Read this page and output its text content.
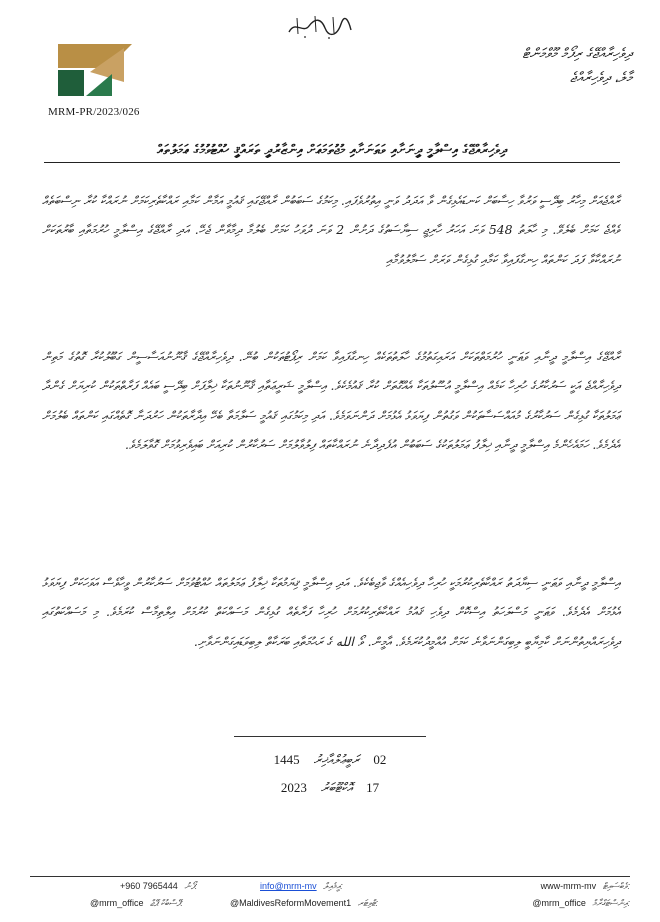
MRM-PR/2023/026
ދިވެހިރާއްޖޭގެ ރިފޯމް މޫވްމަންޓް
މާލެ، ދިވެހިރާއްޖެ
ދިވެހިރާއްޖޭގެ އިސްލާމީ ދީނަށާއި ވަޠަނަށާއި މުޖުތަމަޢަށް އިންޒާރުދީ ތަރައްޤީ ހުއްޓުވުމުގެ ޢަމަލުތައް
ރާއްޖެއަށް މިހާރު ބިދޭސީ ވަރުވާ ހިސާބަށް ކަނޑައެޅިގެން ވާ އަދަދު ވަނީ އިތުރުވެފައި. މިކަމުގެ ސަބަބުން ރާއްޖޭގައި ޤައުމީ އަމާން ކަމާއި ރައްކާތެރިކަމަށް ނުރައްކާ ކުރާ ނިސްބަތެއް ވެއްޖެ ކަމަށް ބެލެވޭ. މި ހާލަތު 548 ވަނަ އަހަރު ހާރިޖީ ސިޔާސަތުގެ ދަށުން 2 ވަނަ ދުވަހު ކަމަށް ބެލުމާ ދިމާވާން ޖެހޭ. އަދި ރާއްޖޭގެ އިސްލާމީ ހުރުމަތާއި ބާރުތަކަށް ނުރައްކާވާ ފަދަ ކަންތައް ހިނގާފައިވާ ކަމާއި ގުޅިގެން ވަރަށް ސަމާލުވުމާއި
ރާއްޖޭގެ އިސްލާމީ ދީނާއި ވަޠަނީ ހުރުމަތްތަކަށް އަރައިގަތުމުގެ ހާލަތުތަކެއް ހިނގާފައިވާ ކަމަށް ރިޕޯޓުތަކުން ބުނޭ. ދިވެހިރާއްޖޭގެ ޤާނޫނުއަސާސީން ގަބޫލުކުރާ ގޮތުގެ މަތިން ދިވެހިރާއްޖެ އަކީ ސަރުކާރުގެ ހުރިހާ ކަމެއް އިސްލާމީ އުސޫލުތަކާ އެއްގޮތަށް ކުރާ ޤައުމެކެވެ. އިސްލާމީ ޝަރީޢަތާއި ޤާނޫނުތަކާ ޚިލާފަށް ބިދޭސީ ބައެއް ފަރާތްތަކުން ކުރިޔަށް ގެންދާ ޢަމަލުތަކާ ގުޅިގެން ސަރުކާރުގެ މުއައްސަސާތަކުން ވަގުތުން ފިޔަވަޅު އެޅުމަށް ދަންނަވަމެވެ. އަދި މިކަމުގައި ޤައުމީ ސަލާމަތާ ބެހޭ އިދާރާތަކުން ހަރުދަނާ ގޮތެއްގައި ކަންތައް ބެލުމަށް އެދެމެވެ. ހަމައެހެންމެ އިސްލާމީ ދީނާއި ޚިލާފު ޢަމަލުތަކުގެ ސަބަބުން އުފެދިދާނެ ނުރައްކާތައް ފިލުވާލުމަށް ސަރުކާރުން ކުރިއަށް ބައިވެރިވުމަށް ގޮވާލަމެވެ.
އިސްލާމީ ދީނާއި ވަޠަނީ ސިޔާދަތު ރައްކާތެރިކުރުމަކީ ހުރިހާ ދިވެހިއެއްގެ ވާޖިބެކެވެ. އަދި އިސްލާމީ ޤިޔަމުތަކާ ޚިލާފު ޢަމަލުތައް ހުއްޓުވުމަށް ސަރުކާރުން ވީހާވެސް އަވަހަކަށް ފިޔަވަޅު އެޅުމަށް އެދެމެވެ. ވަޠަނީ މަސްލަހަތު އިސްކޮށް ދިވެހި ޤައުމު ރައްކާތެރިކުރުމަށް ހުރިހާ ފަރާތެއް ގުޅިގެން މަސައްކަތް ކުރުމަށް އިލްތިމާސް ކުރަމެވެ. މި މަސައްކަތުގައި ދިވެހިރައްޔިތުންނަށް ކާމިޔާބީ ލިބިގަންނަވާނެ ކަމަށް އުއްމީދުކުރަމެވެ. އާމީން. ވޯ الله ގެ ރަޙުމަތާއި ބަރަކާތް ލިބިވަޑައިގަންނަވާށި.
1445 ރަބީޢުލްއާޚިރު 02
2023 އޮކްޓޫބަރު 17
www-mrm-mv ވެބްސައިޓް:
info@mrm-mv އީމެއިލް:
+960 7965444 ފޯނު:
@mrm_office އިންސްޓަގްރާމް:
@MaldivesReformMovement1 ޓްވިޓަރ:
@mrm_office ފޭސްބުކް ޕޭޖް:
